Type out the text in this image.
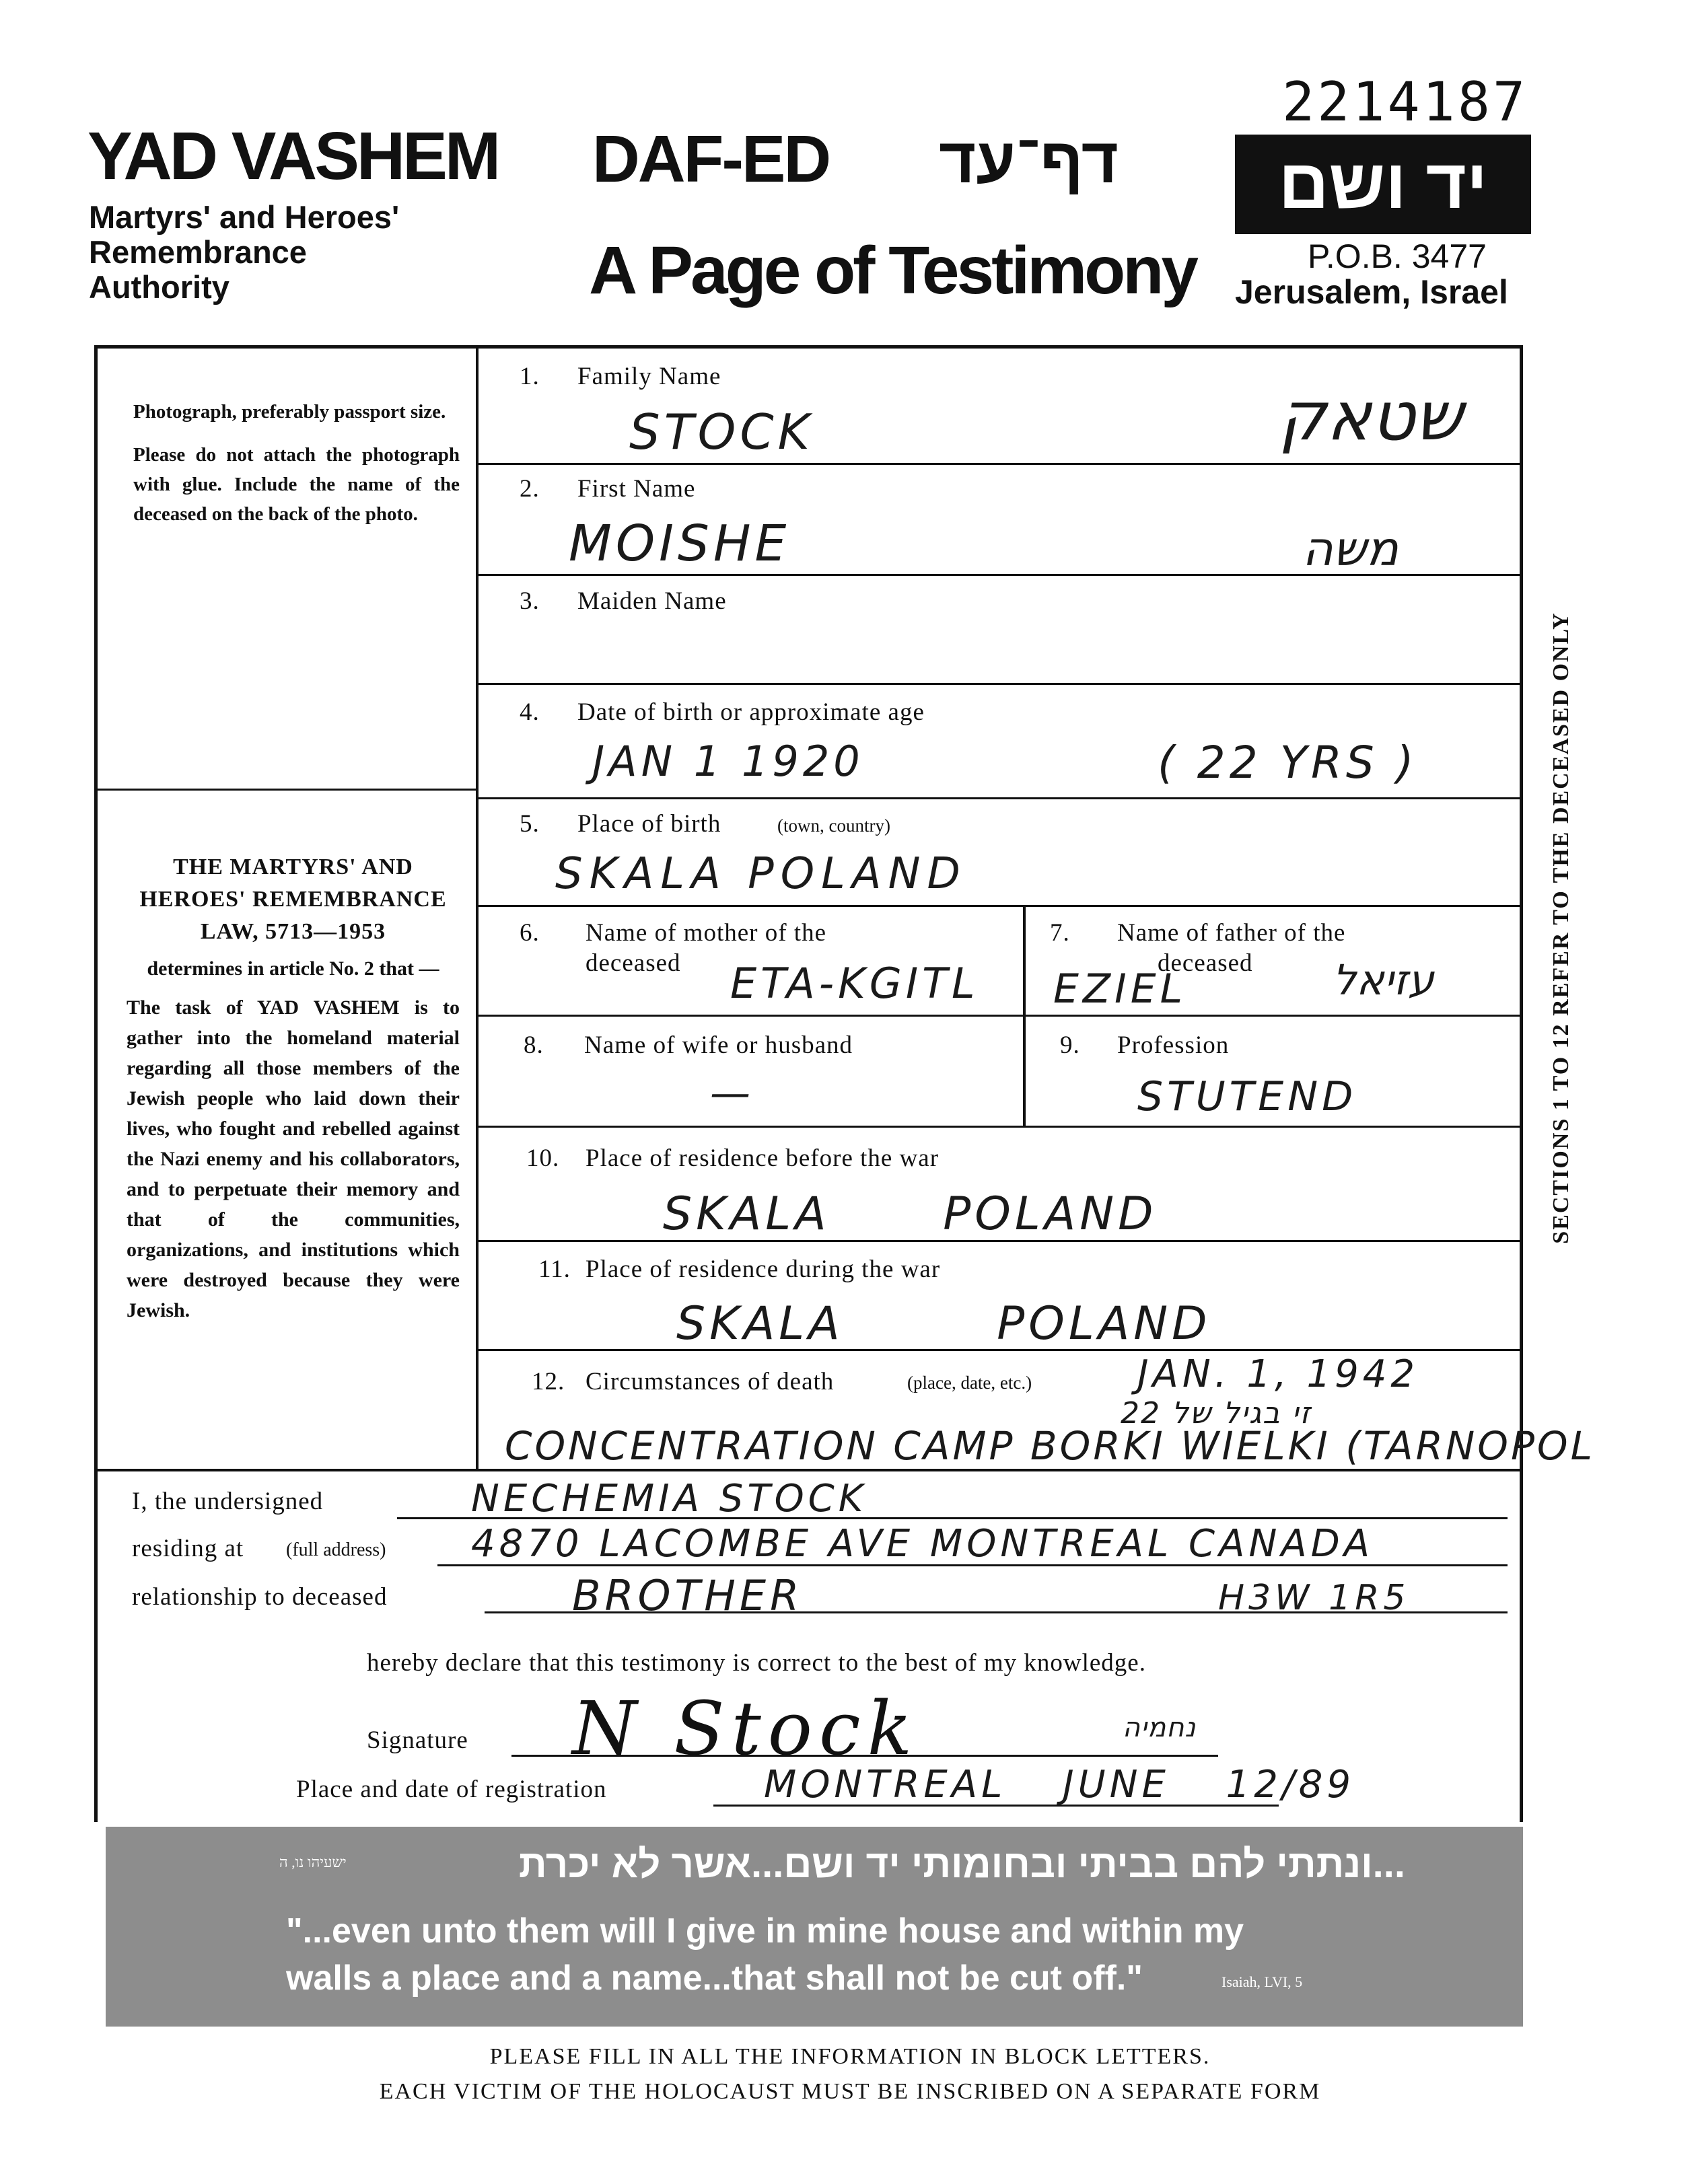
2214187
YAD VASHEM
Martyrs' and Heroes'
Remembrance
Authority
DAF-ED דף־עד
A Page of Testimony
יד ושם
P.O.B. 3477
Jerusalem, Israel
Photograph, preferably passport size.
Please do not attach the photograph with glue. Include the name of the deceased on the back of the photo.
THE MARTYRS' AND HEROES' REMEMBRANCE LAW, 5713—1953
determines in article No. 2 that —
The task of YAD VASHEM is to gather into the homeland material regarding all those members of the Jewish people who laid down their lives, who fought and rebelled against the Nazi enemy and his collaborators, and to perpetuate their memory and that of the communities, organizations, and institutions which were destroyed because they were Jewish.
1. Family Name
STOCK	שטאק
2. First Name
MOISHE	משה
3. Maiden Name
4. Date of birth or approximate age
JAN 1 1920	( 22 YRS )
5. Place of birth	(town, country)
SKALA POLAND
6. Name of mother of the
deceased ETA-KGITL
7. Name of father of the
deceased
EZIEL	עזיאל
8. Name of wife or husband
—
9. Profession
STUTEND
10. Place of residence before the war
SKALA POLAND
11. Place of residence during the war
SKALA POLAND
12. Circumstances of death	(place, date, etc.)	JAN. 1, 1942
זי בגיל של 22
CONCENTRATION CAMP BORKI WIELKI (TARNOPOL
I, the undersigned	NECHEMIA STOCK
residing at (full address) 4870 LACOMBE AVE MONTREAL CANADA
relationship to deceased	BROTHER	H3W 1R5
hereby declare that this testimony is correct to the best of my knowledge.
Signature N Stock	נחמיה
Place and date of registration	MONTREAL JUNE 12/89
SECTIONS 1 TO 12 REFER TO THE DECEASED ONLY
...ונתתי להם בביתי ובחומותי יד ושם...אשר לא יכרת
ישעיהו נו, ה
"...even unto them will I give in mine house and within my
walls a place and a name...that shall not be cut off."	Isaiah, LVI, 5
PLEASE FILL IN ALL THE INFORMATION IN BLOCK LETTERS.
EACH VICTIM OF THE HOLOCAUST MUST BE INSCRIBED ON A SEPARATE FORM
